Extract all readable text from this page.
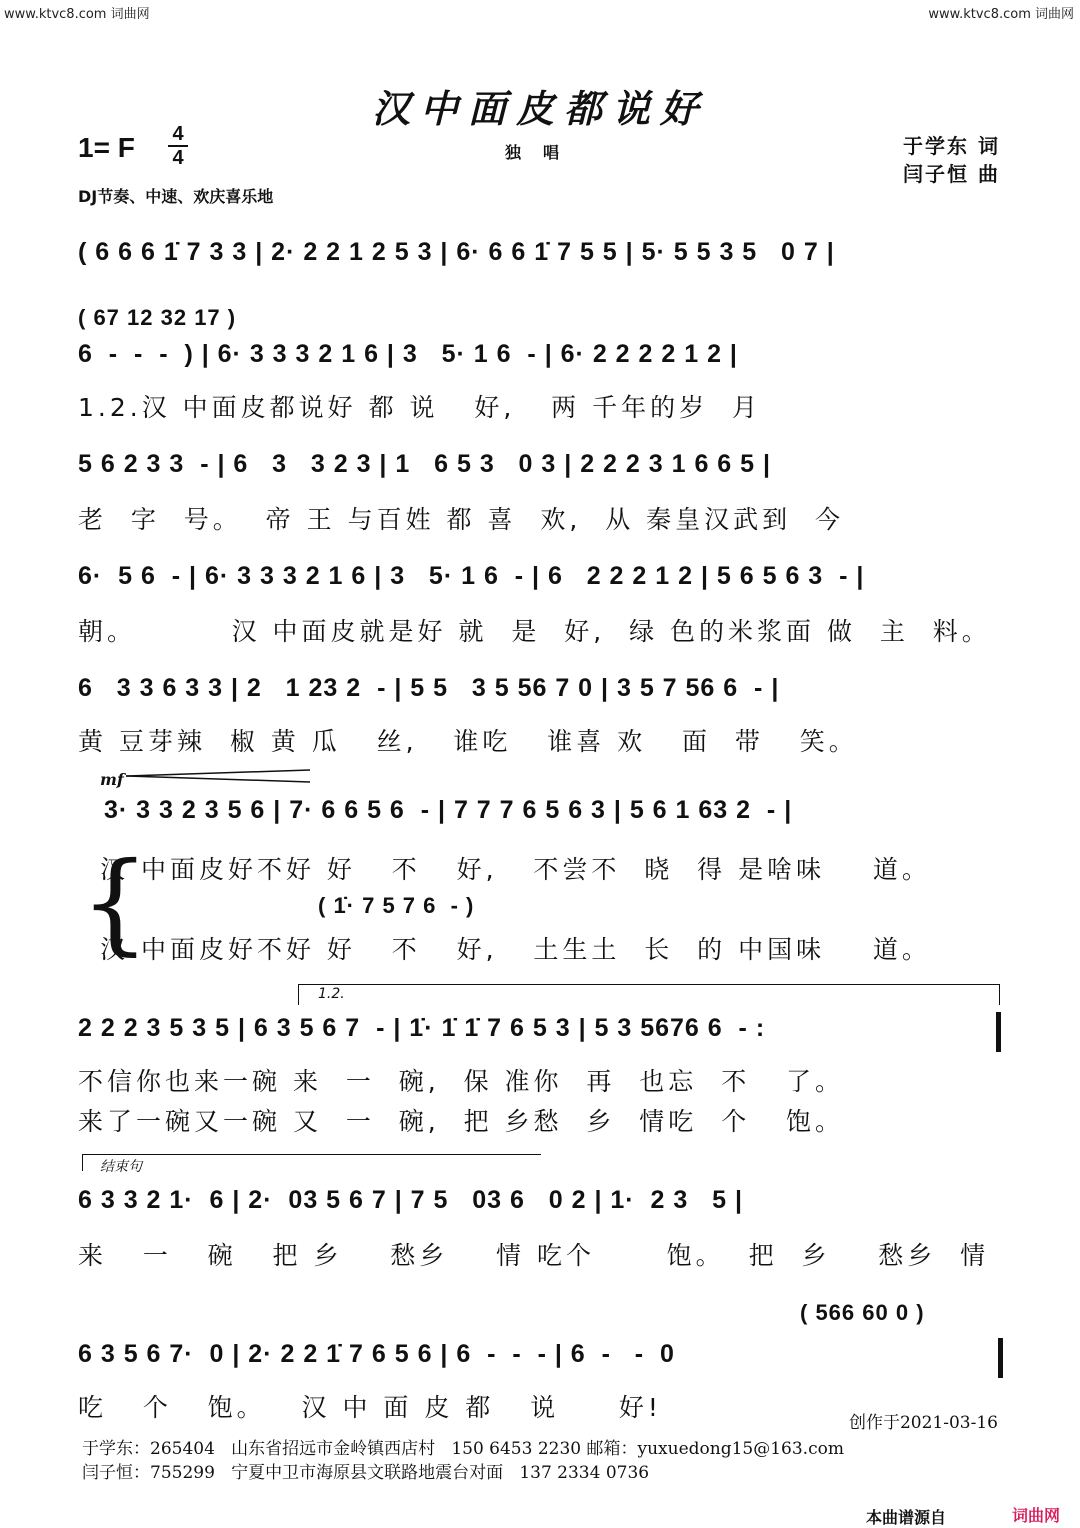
www.ktvc8.com 词曲网	www.ktvc8.com 词曲网
汉中面皮都说好
1= F 4
4	独唱	于学东 词
闫子恒 曲
DJ节奏、中速、欢庆喜乐地
( 6 6 6 1̇ 7 3 3 | 2· 2 2 1 2 5 3 | 6· 6 6 1̇ 7 5 5 | 5· 5 5 3 5   0 7 |
( 67 12 32 17 )
6  -  -  -  ) | 6· 3 3 3 2 1 6 | 3   5· 1 6  - | 6· 2 2 2 2 1 2 |
1.2.汉 中面皮都说好 都 说   好,   两 千年的岁  月
5 6 2 3 3  - | 6   3   3 2 3 | 1   6 5 3   0 3 | 2 2 2 3 1 6 6 5 |
老  字  号。  帝 王 与百姓 都 喜  欢,  从 秦皇汉武到  今
6·  5 6  - | 6· 3 3 3 2 1 6 | 3   5· 1 6  - | 6   2 2 2 1 2 | 5 6 5 6 3  - |
朝。        汉 中面皮就是好 就  是  好,  绿 色的米浆面 做  主  料。
6   3 3 6 3 3 | 2   1 23 2  - | 5 5   3 5 56 7 0 | 3 5 7 56 6  - |
黄 豆芽辣  椒 黄 瓜   丝,   谁吃   谁喜 欢   面  带   笑。
mf
3· 3 3 2 3 5 6 | 7· 6 6 5 6  - | 7 7 7 6 5 6 3 | 5 6 1 63 2  - |
{
汉 中面皮好不好 好   不   好,   不尝不  晓  得 是啥味    道。
( 1̇· 7 5 7 6  - )
汉 中面皮好不好 好   不   好,   土生土  长  的 中国味    道。
1.2.
2 2 2 3 5 3 5 | 6 3 5 6 7  - | 1̇· 1̇ 1̇ 7 6 5 3 | 5 3 5676 6  - :
不信你也来一碗 来  一  碗,  保 准你  再  也忘  不   了。
来了一碗又一碗 又  一  碗,  把 乡愁  乡  情吃  个   饱。
结束句
6 3 3 2 1·  6 | 2·  03 5 6 7 | 7 5   03 6   0 2 | 1·  2 3   5 |
来   一   碗   把 乡    愁乡    情 吃个      饱。  把  乡    愁乡  情
( 566 60 0 )
6 3 5 6 7·  0 | 2· 2 2 1̇ 7 6 5 6 | 6  -  -  - | 6  -   -  0
吃   个   饱。   汉 中 面 皮 都   说     好!
创作于2021-03-16
于学东：265404   山东省招远市金岭镇西店村   150 6453 2230 邮箱：yuxuedong15@163.com
闫子恒：755299   宁夏中卫市海原县文联路地震台对面   137 2334 0736
本曲谱源自	词曲网
